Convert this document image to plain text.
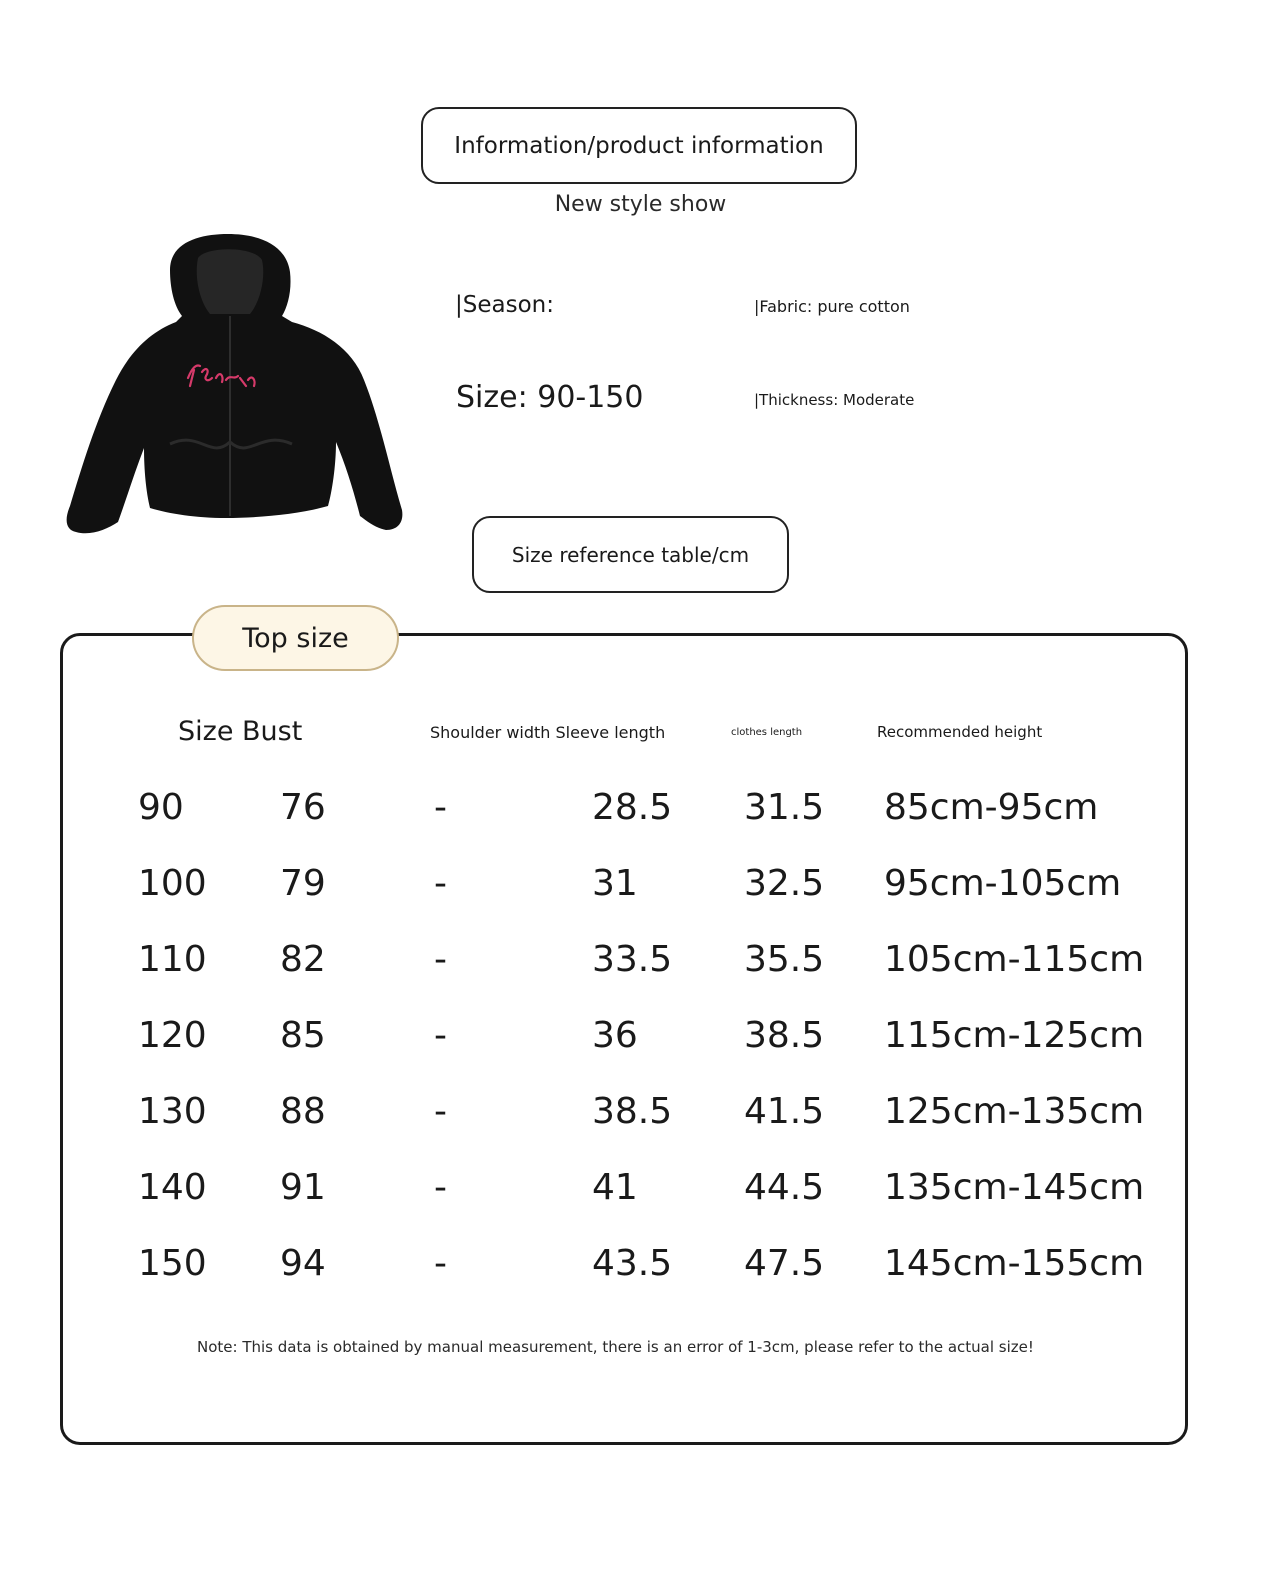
Information/product information
New style show
|Season:	|Fabric: pure cotton
Size: 90-150	|Thickness: Moderate
Size reference table/cm
Top size
Size Bust	Shoulder width Sleeve length	clothes length	Recommended height
90	76	-	28.5 31.5 85cm-95cm
100 79	-	31	32.5 95cm-105cm
110 82	-	33.5 35.5 105cm-115cm
120 85	-	36	38.5 115cm-125cm
130 88	-	38.5 41.5 125cm-135cm
140 91	-	41	44.5 135cm-145cm
150 94	-	43.5 47.5 145cm-155cm
Note: This data is obtained by manual measurement, there is an error of 1-3cm, please refer to the actual size!
